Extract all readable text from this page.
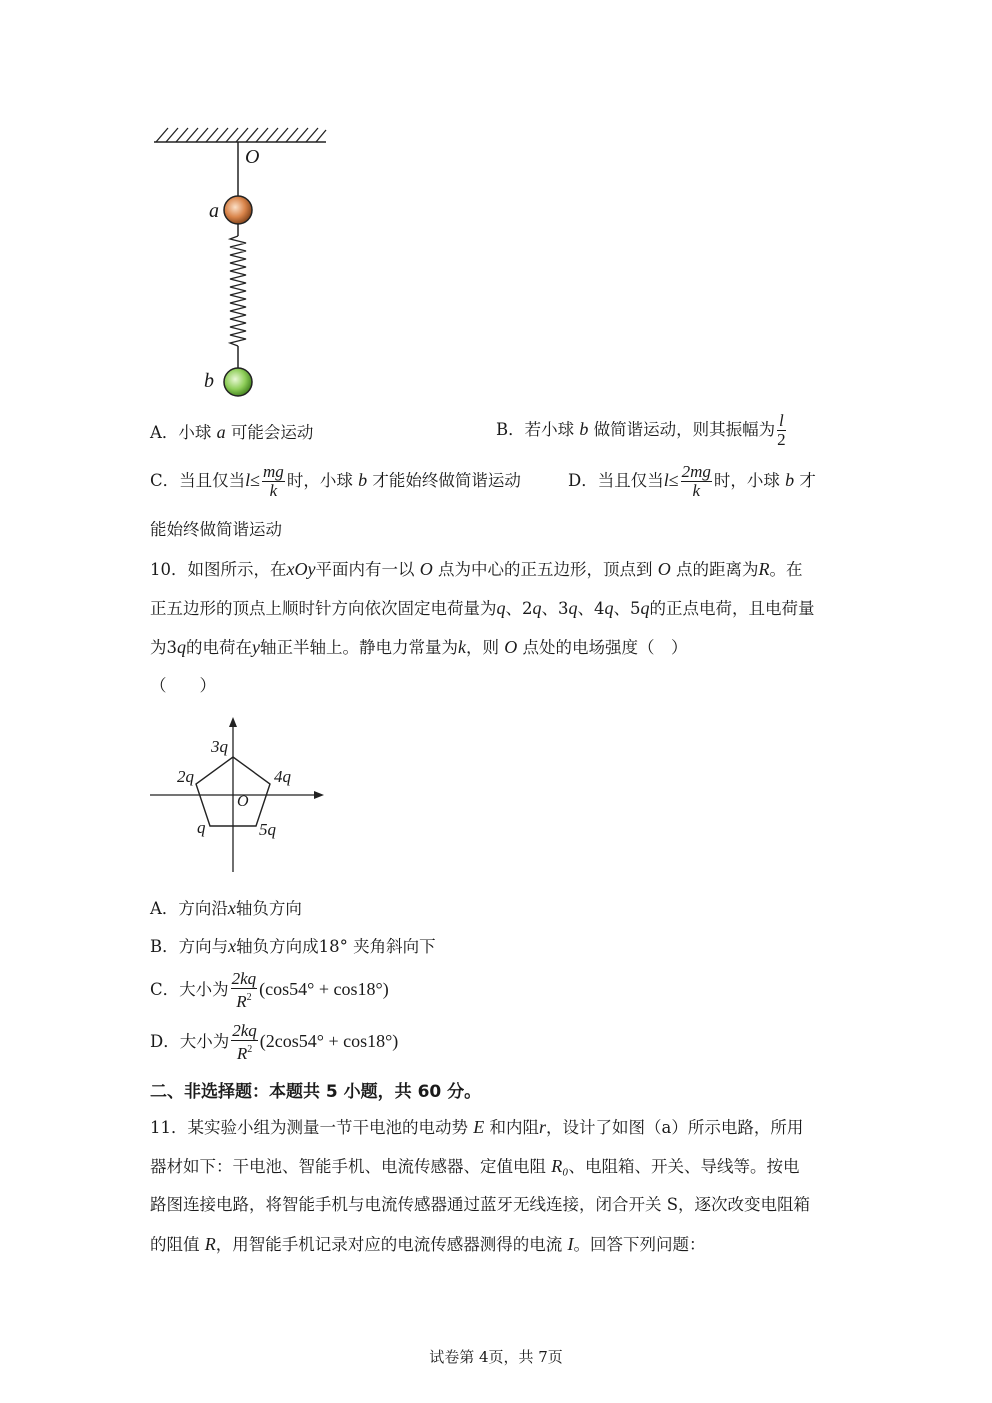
O
a
b
A．小球 a 可能会运动	B．若小球 b 做简谐运动，则其振幅为 $\frac{l}{2}$
C．当且仅当$l\le \frac{mg}{k}$ 时，小球 b 才能始终做简谐运动	D．当且仅当$l\le \frac{2mg}{k}$ 时，小球 b 才
能始终做简谐运动
10．如图所示，在xOy平面内有一以 O 点为中心的正五边形，顶点到 O 点的距离为R。在
正五边形的顶点上顺时针方向依次固定电荷量为q、2q、3q、4q、5q的正点电荷，且电荷量
为3q的电荷在y轴正半轴上。静电力常量为k，则 O 点处的电场强度（　）
（　　）
3q
2q	4q
O
q	5q
A．方向沿x轴负方向
B．方向与x轴负方向成18° 夹角斜向下
C．大小为 $\frac{2kq}{R^2} (\cos 54^\circ + \cos 18^\circ)$
D．大小为 $\frac{2kq}{R^2} (2\cos 54^\circ + \cos 18^\circ)$
二、非选择题：本题共 5 小题，共 60 分。
11．某实验小组为测量一节干电池的电动势 E 和内阻r，设计了如图（a）所示电路，所用
器材如下：干电池、智能手机、电流传感器、定值电阻 R₀、电阻箱、开关、导线等。按电
路图连接电路，将智能手机与电流传感器通过蓝牙无线连接，闭合开关 S，逐次改变电阻箱
的阻值 R，用智能手机记录对应的电流传感器测得的电流 I。回答下列问题：
试卷第 4页，共 7页
